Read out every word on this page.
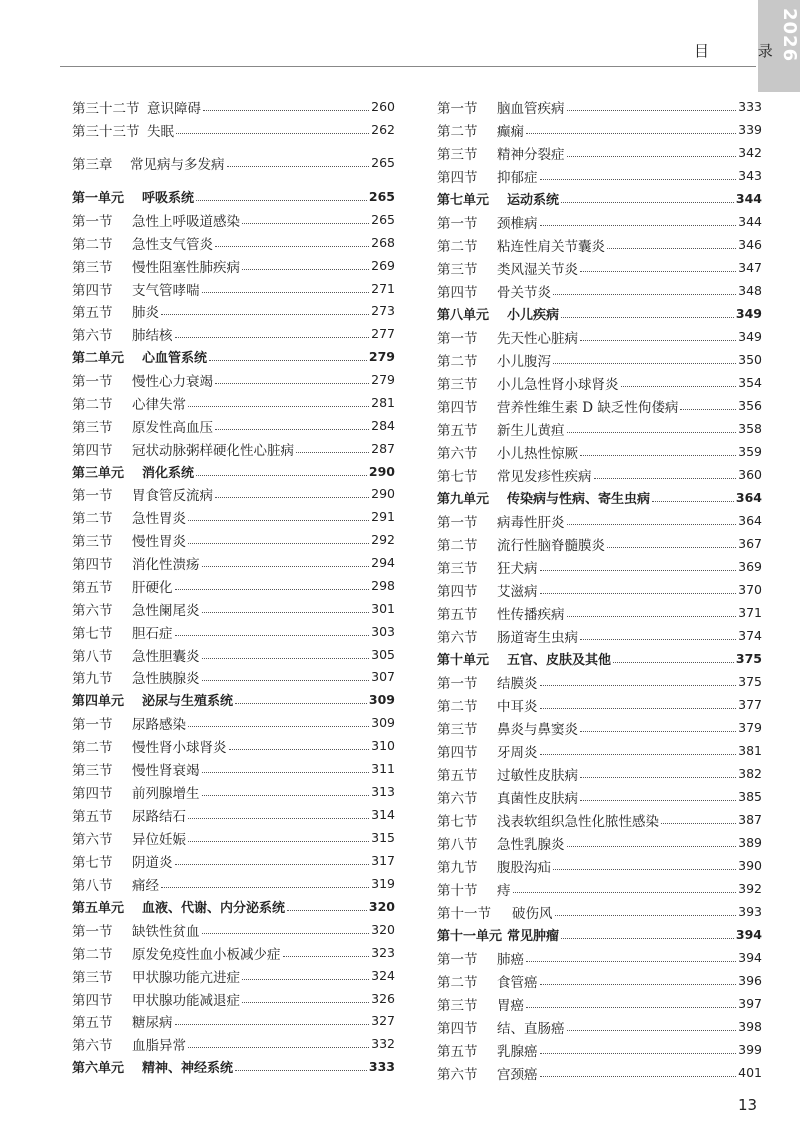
2026
目 录
第三十二节 意识障碍	260
第三十三节 失眠	262
第三章	常见病与多发病	265
第一单元	呼吸系统	265
第一节	急性上呼吸道感染	265
第二节	急性支气管炎	268
第三节	慢性阻塞性肺疾病	269
第四节	支气管哮喘	271
第五节	肺炎	273
第六节	肺结核	277
第二单元	心血管系统	279
第一节	慢性心力衰竭	279
第二节	心律失常	281
第三节	原发性高血压	284
第四节	冠状动脉粥样硬化性心脏病	287
第三单元	消化系统	290
第一节	胃食管反流病	290
第二节	急性胃炎	291
第三节	慢性胃炎	292
第四节	消化性溃疡	294
第五节	肝硬化	298
第六节	急性阑尾炎	301
第七节	胆石症	303
第八节	急性胆囊炎	305
第九节	急性胰腺炎	307
第四单元	泌尿与生殖系统	309
第一节	尿路感染	309
第二节	慢性肾小球肾炎	310
第三节	慢性肾衰竭	311
第四节	前列腺增生	313
第五节	尿路结石	314
第六节	异位妊娠	315
第七节	阴道炎	317
第八节	痛经	319
第五单元	血液、代谢、内分泌系统	320
第一节	缺铁性贫血	320
第二节	原发免疫性血小板减少症	323
第三节	甲状腺功能亢进症	324
第四节	甲状腺功能减退症	326
第五节	糖尿病	327
第六节	血脂异常	332
第六单元	精神、神经系统	333
第一节	脑血管疾病	333
第二节	癫痫	339
第三节	精神分裂症	342
第四节	抑郁症	343
第七单元	运动系统	344
第一节	颈椎病	344
第二节	粘连性肩关节囊炎	346
第三节	类风湿关节炎	347
第四节	骨关节炎	348
第八单元	小儿疾病	349
第一节	先天性心脏病	349
第二节	小儿腹泻	350
第三节	小儿急性肾小球肾炎	354
第四节	营养性维生素 D 缺乏性佝偻病	356
第五节	新生儿黄疸	358
第六节	小儿热性惊厥	359
第七节	常见发疹性疾病	360
第九单元	传染病与性病、寄生虫病	364
第一节	病毒性肝炎	364
第二节	流行性脑脊髓膜炎	367
第三节	狂犬病	369
第四节	艾滋病	370
第五节	性传播疾病	371
第六节	肠道寄生虫病	374
第十单元	五官、皮肤及其他	375
第一节	结膜炎	375
第二节	中耳炎	377
第三节	鼻炎与鼻窦炎	379
第四节	牙周炎	381
第五节	过敏性皮肤病	382
第六节	真菌性皮肤病	385
第七节	浅表软组织急性化脓性感染	387
第八节	急性乳腺炎	389
第九节	腹股沟疝	390
第十节	痔	392
第十一节	破伤风	393
第十一单元 常见肿瘤	394
第一节	肺癌	394
第二节	食管癌	396
第三节	胃癌	397
第四节	结、直肠癌	398
第五节	乳腺癌	399
第六节	宫颈癌	401
13
